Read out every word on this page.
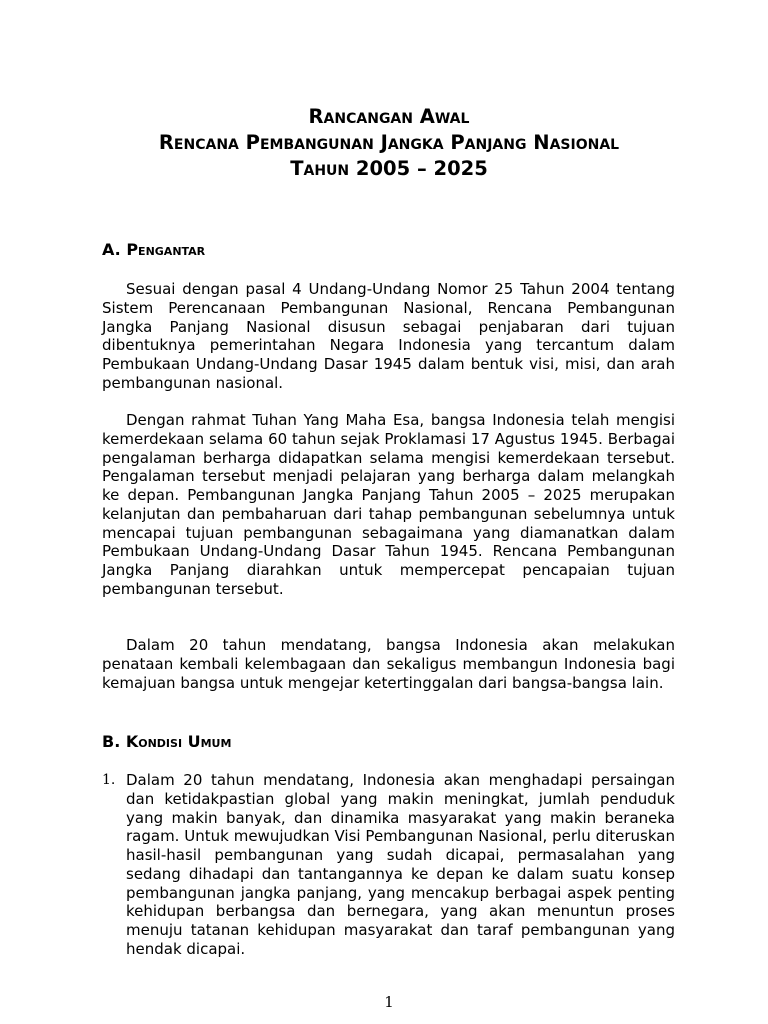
Rancangan Awal
Rencana Pembangunan Jangka Panjang Nasional
Tahun 2005 – 2025
A. Pengantar

Sesuai dengan pasal 4 Undang-Undang Nomor 25 Tahun 2004 tentang Sistem Perencanaan Pembangunan Nasional, Rencana Pembangunan Jangka Panjang Nasional disusun sebagai penjabaran dari tujuan dibentuknya pemerintahan Negara Indonesia yang tercantum dalam Pembukaan Undang-Undang Dasar 1945 dalam bentuk visi, misi, dan arah pembangunan nasional.

Dengan rahmat Tuhan Yang Maha Esa, bangsa Indonesia telah mengisi kemerdekaan selama 60 tahun sejak Proklamasi 17 Agustus 1945. Berbagai pengalaman berharga didapatkan selama mengisi kemerdekaan tersebut. Pengalaman tersebut menjadi pelajaran yang berharga dalam melangkah ke depan. Pembangunan Jangka Panjang Tahun 2005 – 2025 merupakan kelanjutan dan pembaharuan dari tahap pembangunan sebelumnya untuk mencapai tujuan pembangunan sebagaimana yang diamanatkan dalam Pembukaan Undang-Undang Dasar Tahun 1945. Rencana Pembangunan Jangka Panjang diarahkan untuk mempercepat pencapaian tujuan pembangunan tersebut.

Dalam 20 tahun mendatang, bangsa Indonesia akan melakukan penataan kembali kelembagaan dan sekaligus membangun Indonesia bagi kemajuan bangsa untuk mengejar ketertinggalan dari bangsa-bangsa lain.

B. Kondisi Umum
1. Dalam 20 tahun mendatang, Indonesia akan menghadapi persaingan dan ketidakpastian global yang makin meningkat, jumlah penduduk yang makin banyak, dan dinamika masyarakat yang makin beraneka ragam. Untuk mewujudkan Visi Pembangunan Nasional, perlu diteruskan hasil-hasil pembangunan yang sudah dicapai, permasalahan yang sedang dihadapi dan tantangannya ke depan ke dalam suatu konsep pembangunan jangka panjang, yang mencakup berbagai aspek penting kehidupan berbangsa dan bernegara, yang akan menuntun proses menuju tatanan kehidupan masyarakat dan taraf pembangunan yang hendak dicapai.

1
